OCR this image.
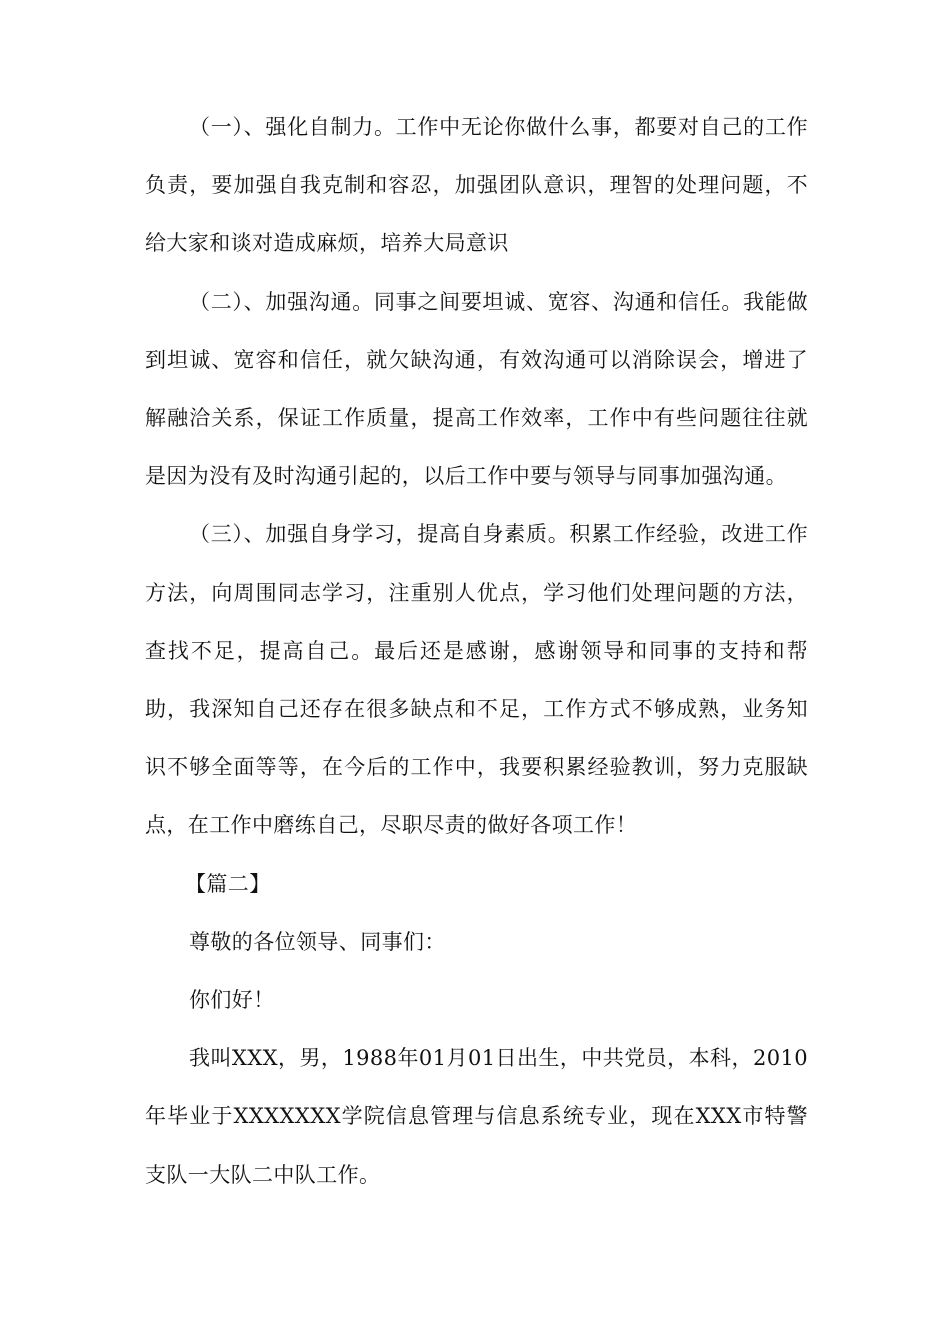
（一）、强化自制力。工作中无论你做什么事，都要对自己的工作负责，要加强自我克制和容忍，加强团队意识，理智的处理问题，不给大家和谈对造成麻烦，培养大局意识

（二）、加强沟通。同事之间要坦诚、宽容、沟通和信任。我能做到坦诚、宽容和信任，就欠缺沟通，有效沟通可以消除误会，增进了解融洽关系，保证工作质量，提高工作效率，工作中有些问题往往就是因为没有及时沟通引起的，以后工作中要与领导与同事加强沟通。

（三）、加强自身学习，提高自身素质。积累工作经验，改进工作方法，向周围同志学习，注重别人优点，学习他们处理问题的方法，查找不足，提高自己。最后还是感谢，感谢领导和同事的支持和帮助，我深知自己还存在很多缺点和不足，工作方式不够成熟，业务知识不够全面等等，在今后的工作中，我要积累经验教训，努力克服缺点，在工作中磨练自己，尽职尽责的做好各项工作！

【篇二】

尊敬的各位领导、同事们：

你们好！

我叫XXX，男，1988年01月01日出生，中共党员，本科，2010年毕业于XXXXXXX学院信息管理与信息系统专业，现在XXX市特警支队一大队二中队工作。
